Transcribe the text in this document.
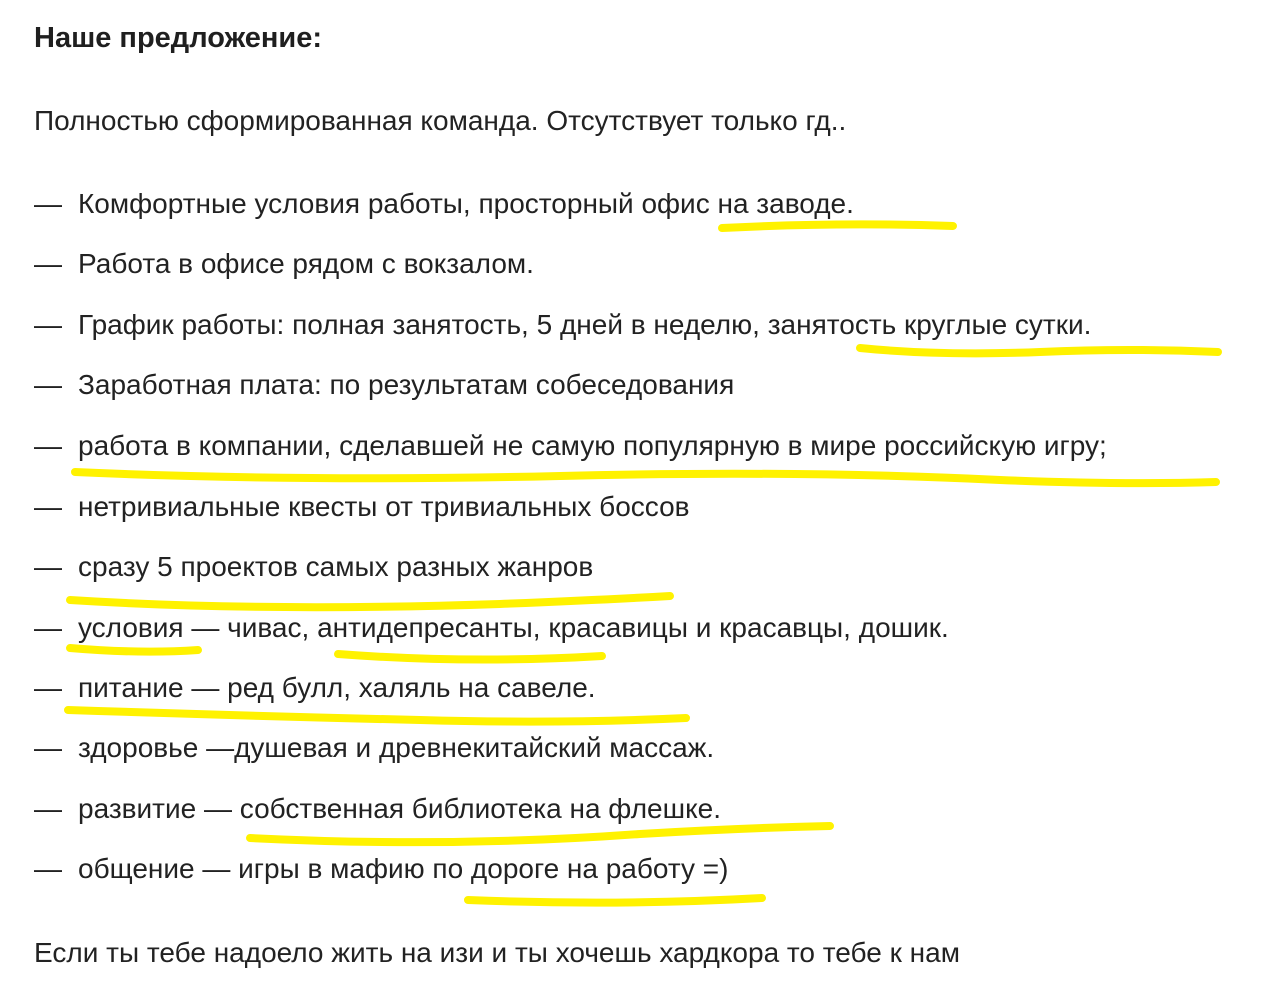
Наше предложение:

Полностью сформированная команда. Отсутствует только гд..

— Комфортные условия работы, просторный офис на заводе.
— Работа в офисе рядом с вокзалом.
— График работы: полная занятость, 5 дней в неделю, занятость круглые сутки.
— Заработная плата: по результатам собеседования
— работа в компании, сделавшей не самую популярную в мире российскую игру;
— нетривиальные квесты от тривиальных боссов
— сразу 5 проектов самых разных жанров
— условия — чивас, антидепресанты, красавицы и красавцы, дошик.
— питание — ред булл, халяль на савеле.
— здоровье —душевая и древнекитайский массаж.
— развитие — собственная библиотека на флешке.
— общение — игры в мафию по дороге на работу =)

Если ты тебе надоело жить на изи и ты хочешь хардкора то тебе к нам
